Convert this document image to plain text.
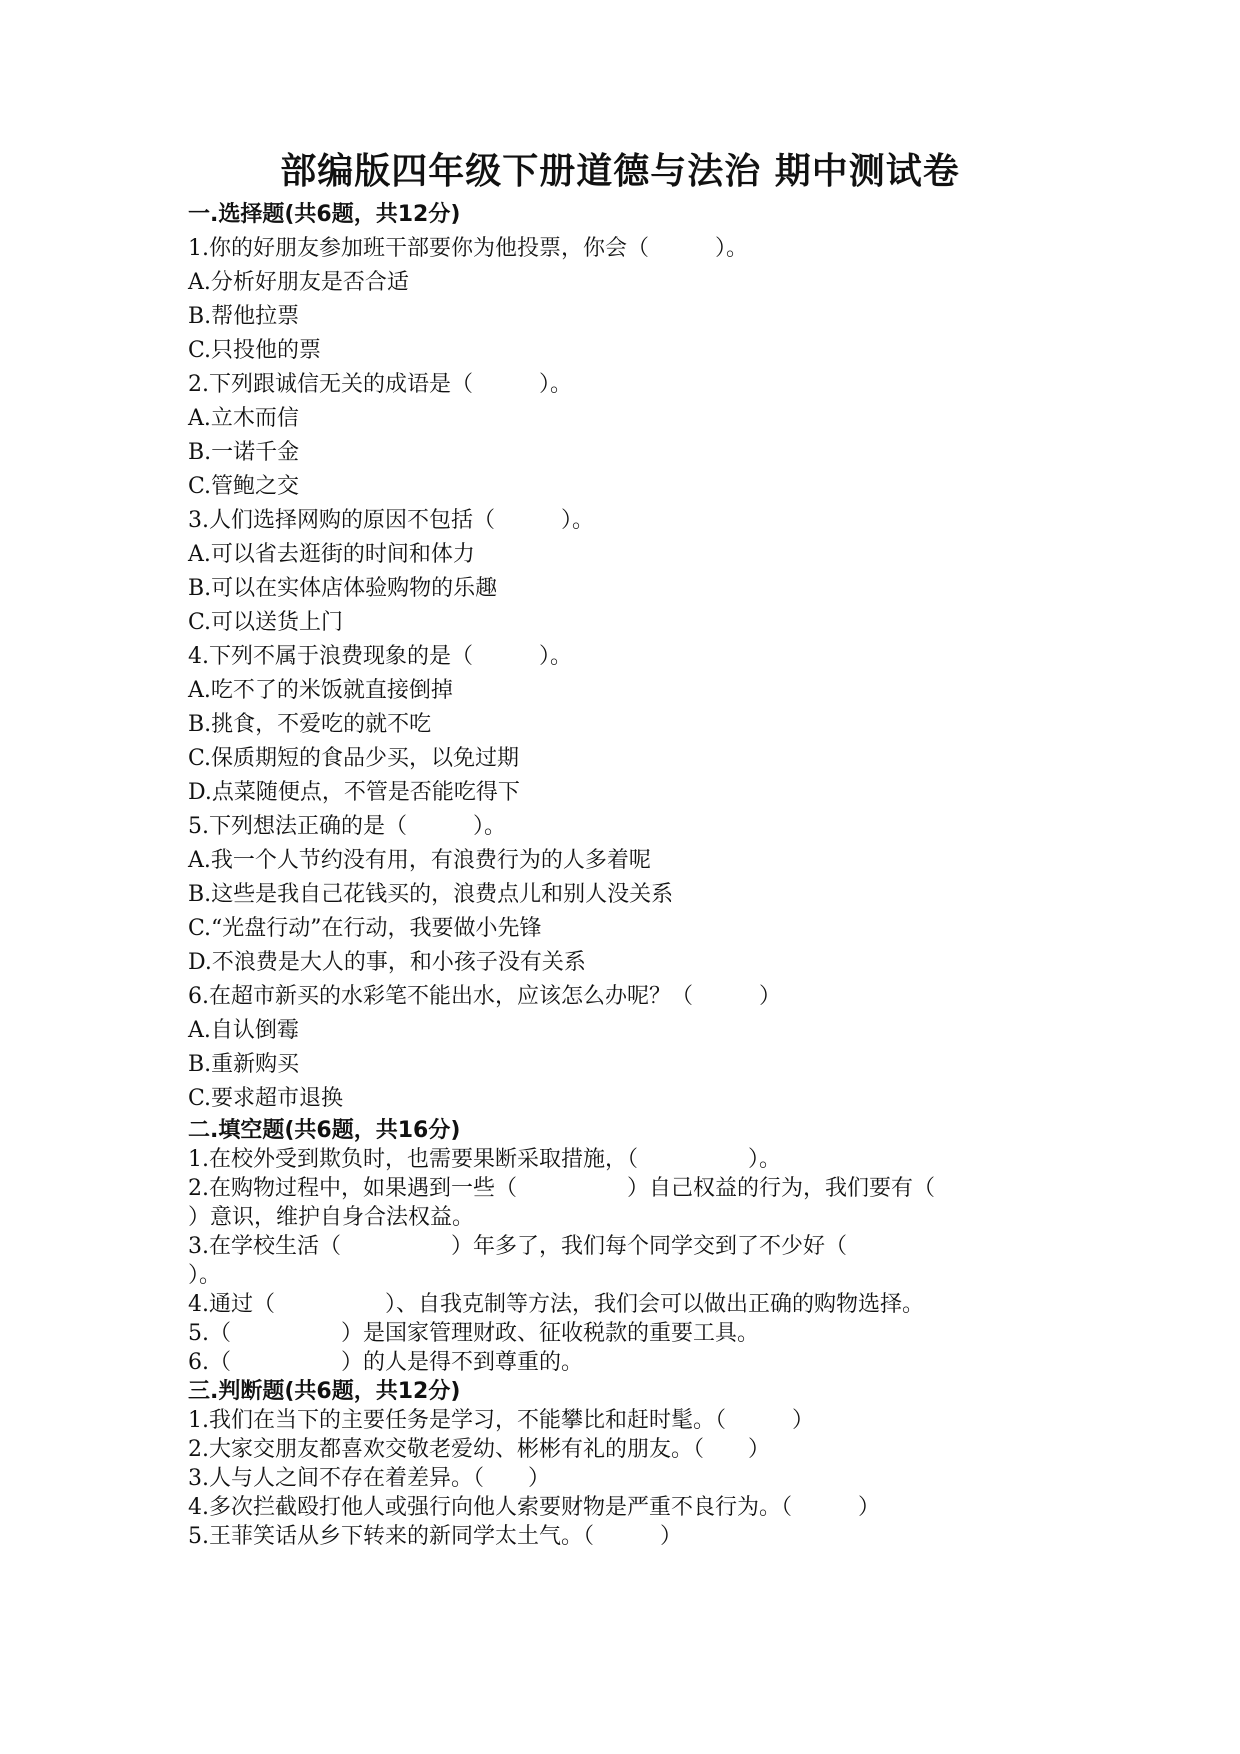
部编版四年级下册道德与法治 期中测试卷
一.选择题(共6题，共12分)
1.你的好朋友参加班干部要你为他投票，你会（　　　）。
A.分析好朋友是否合适
B.帮他拉票
C.只投他的票
2.下列跟诚信无关的成语是（　　　）。
A.立木而信
B.一诺千金
C.管鲍之交
3.人们选择网购的原因不包括（　　　）。
A.可以省去逛街的时间和体力
B.可以在实体店体验购物的乐趣
C.可以送货上门
4.下列不属于浪费现象的是（　　　）。
A.吃不了的米饭就直接倒掉
B.挑食，不爱吃的就不吃
C.保质期短的食品少买，以免过期
D.点菜随便点，不管是否能吃得下
5.下列想法正确的是（　　　）。
A.我一个人节约没有用，有浪费行为的人多着呢
B.这些是我自己花钱买的，浪费点儿和别人没关系
C.“光盘行动”在行动，我要做小先锋
D.不浪费是大人的事，和小孩子没有关系
6.在超市新买的水彩笔不能出水，应该怎么办呢？（　　　）
A.自认倒霉
B.重新购买
C.要求超市退换
二.填空题(共6题，共16分)
1.在校外受到欺负时，也需要果断采取措施，（　　　　　）。
2.在购物过程中，如果遇到一些（　　　　　）自己权益的行为，我们要有（
）意识，维护自身合法权益。
3.在学校生活（　　　　　）年多了，我们每个同学交到了不少好（
）。
4.通过（　　　　　）、自我克制等方法，我们会可以做出正确的购物选择。
5.（　　　　　）是国家管理财政、征收税款的重要工具。
6.（　　　　　）的人是得不到尊重的。
三.判断题(共6题，共12分)
1.我们在当下的主要任务是学习，不能攀比和赶时髦。（　　　）
2.大家交朋友都喜欢交敬老爱幼、彬彬有礼的朋友。（　　）
3.人与人之间不存在着差异。（　　）
4.多次拦截殴打他人或强行向他人索要财物是严重不良行为。（　　　）
5.王菲笑话从乡下转来的新同学太土气。（　　　）
